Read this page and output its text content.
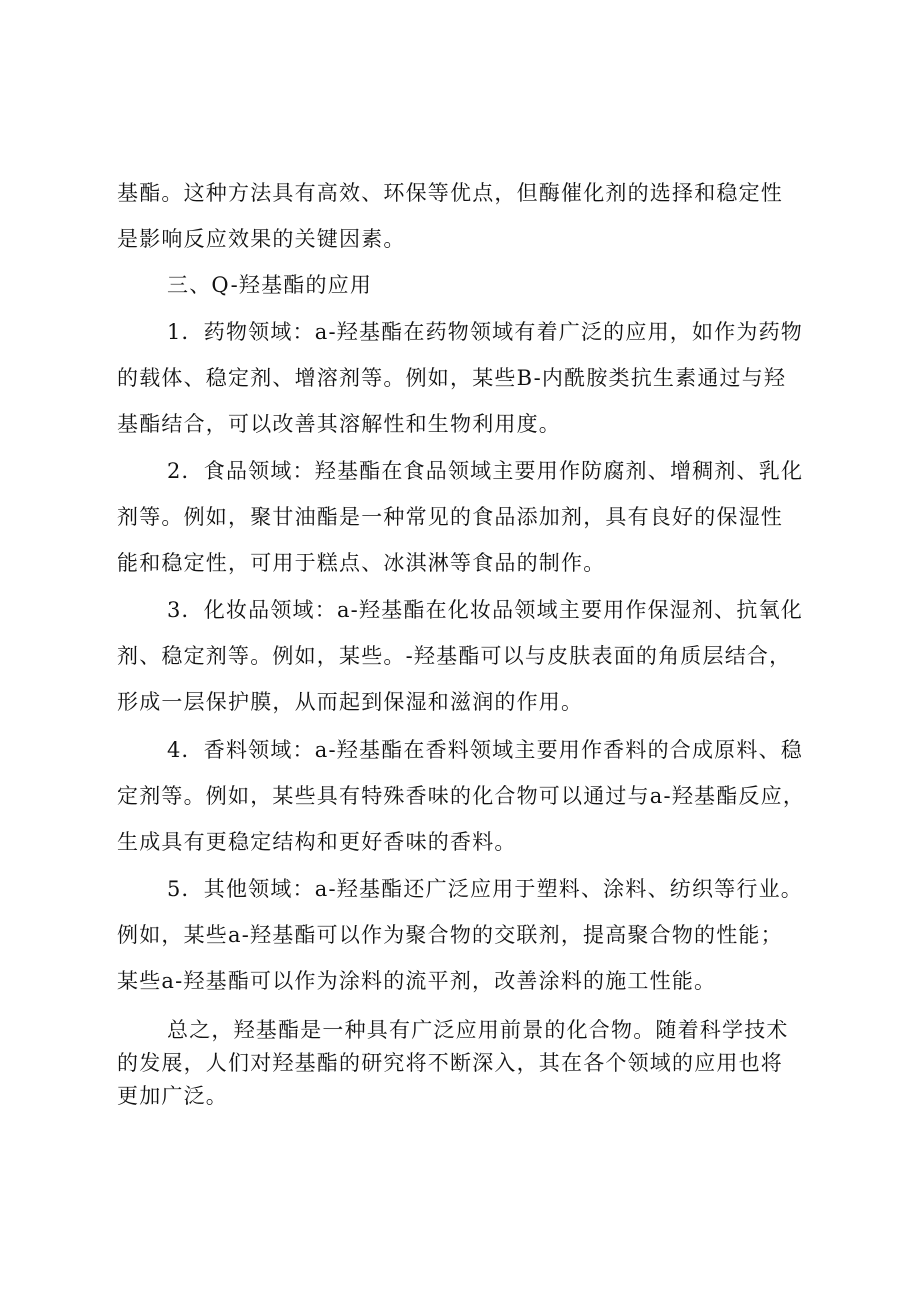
基酯。这种方法具有高效、环保等优点，但酶催化剂的选择和稳定性
是影响反应效果的关键因素。

三、Q-羟基酯的应用

1．药物领域：a-羟基酯在药物领域有着广泛的应用，如作为药物
的载体、稳定剂、增溶剂等。例如，某些B-内酰胺类抗生素通过与羟
基酯结合，可以改善其溶解性和生物利用度。

2．食品领域：羟基酯在食品领域主要用作防腐剂、增稠剂、乳化
剂等。例如，聚甘油酯是一种常见的食品添加剂，具有良好的保湿性
能和稳定性，可用于糕点、冰淇淋等食品的制作。

3．化妆品领域：a-羟基酯在化妆品领域主要用作保湿剂、抗氧化
剂、稳定剂等。例如，某些。-羟基酯可以与皮肤表面的角质层结合，
形成一层保护膜，从而起到保湿和滋润的作用。

4．香料领域：a-羟基酯在香料领域主要用作香料的合成原料、稳
定剂等。例如，某些具有特殊香味的化合物可以通过与a-羟基酯反应，
生成具有更稳定结构和更好香味的香料。

5．其他领域：a-羟基酯还广泛应用于塑料、涂料、纺织等行业。
例如，某些a-羟基酯可以作为聚合物的交联剂，提高聚合物的性能；
某些a-羟基酯可以作为涂料的流平剂，改善涂料的施工性能。

总之，羟基酯是一种具有广泛应用前景的化合物。随着科学技术
的发展，人们对羟基酯的研究将不断深入，其在各个领域的应用也将
更加广泛。
